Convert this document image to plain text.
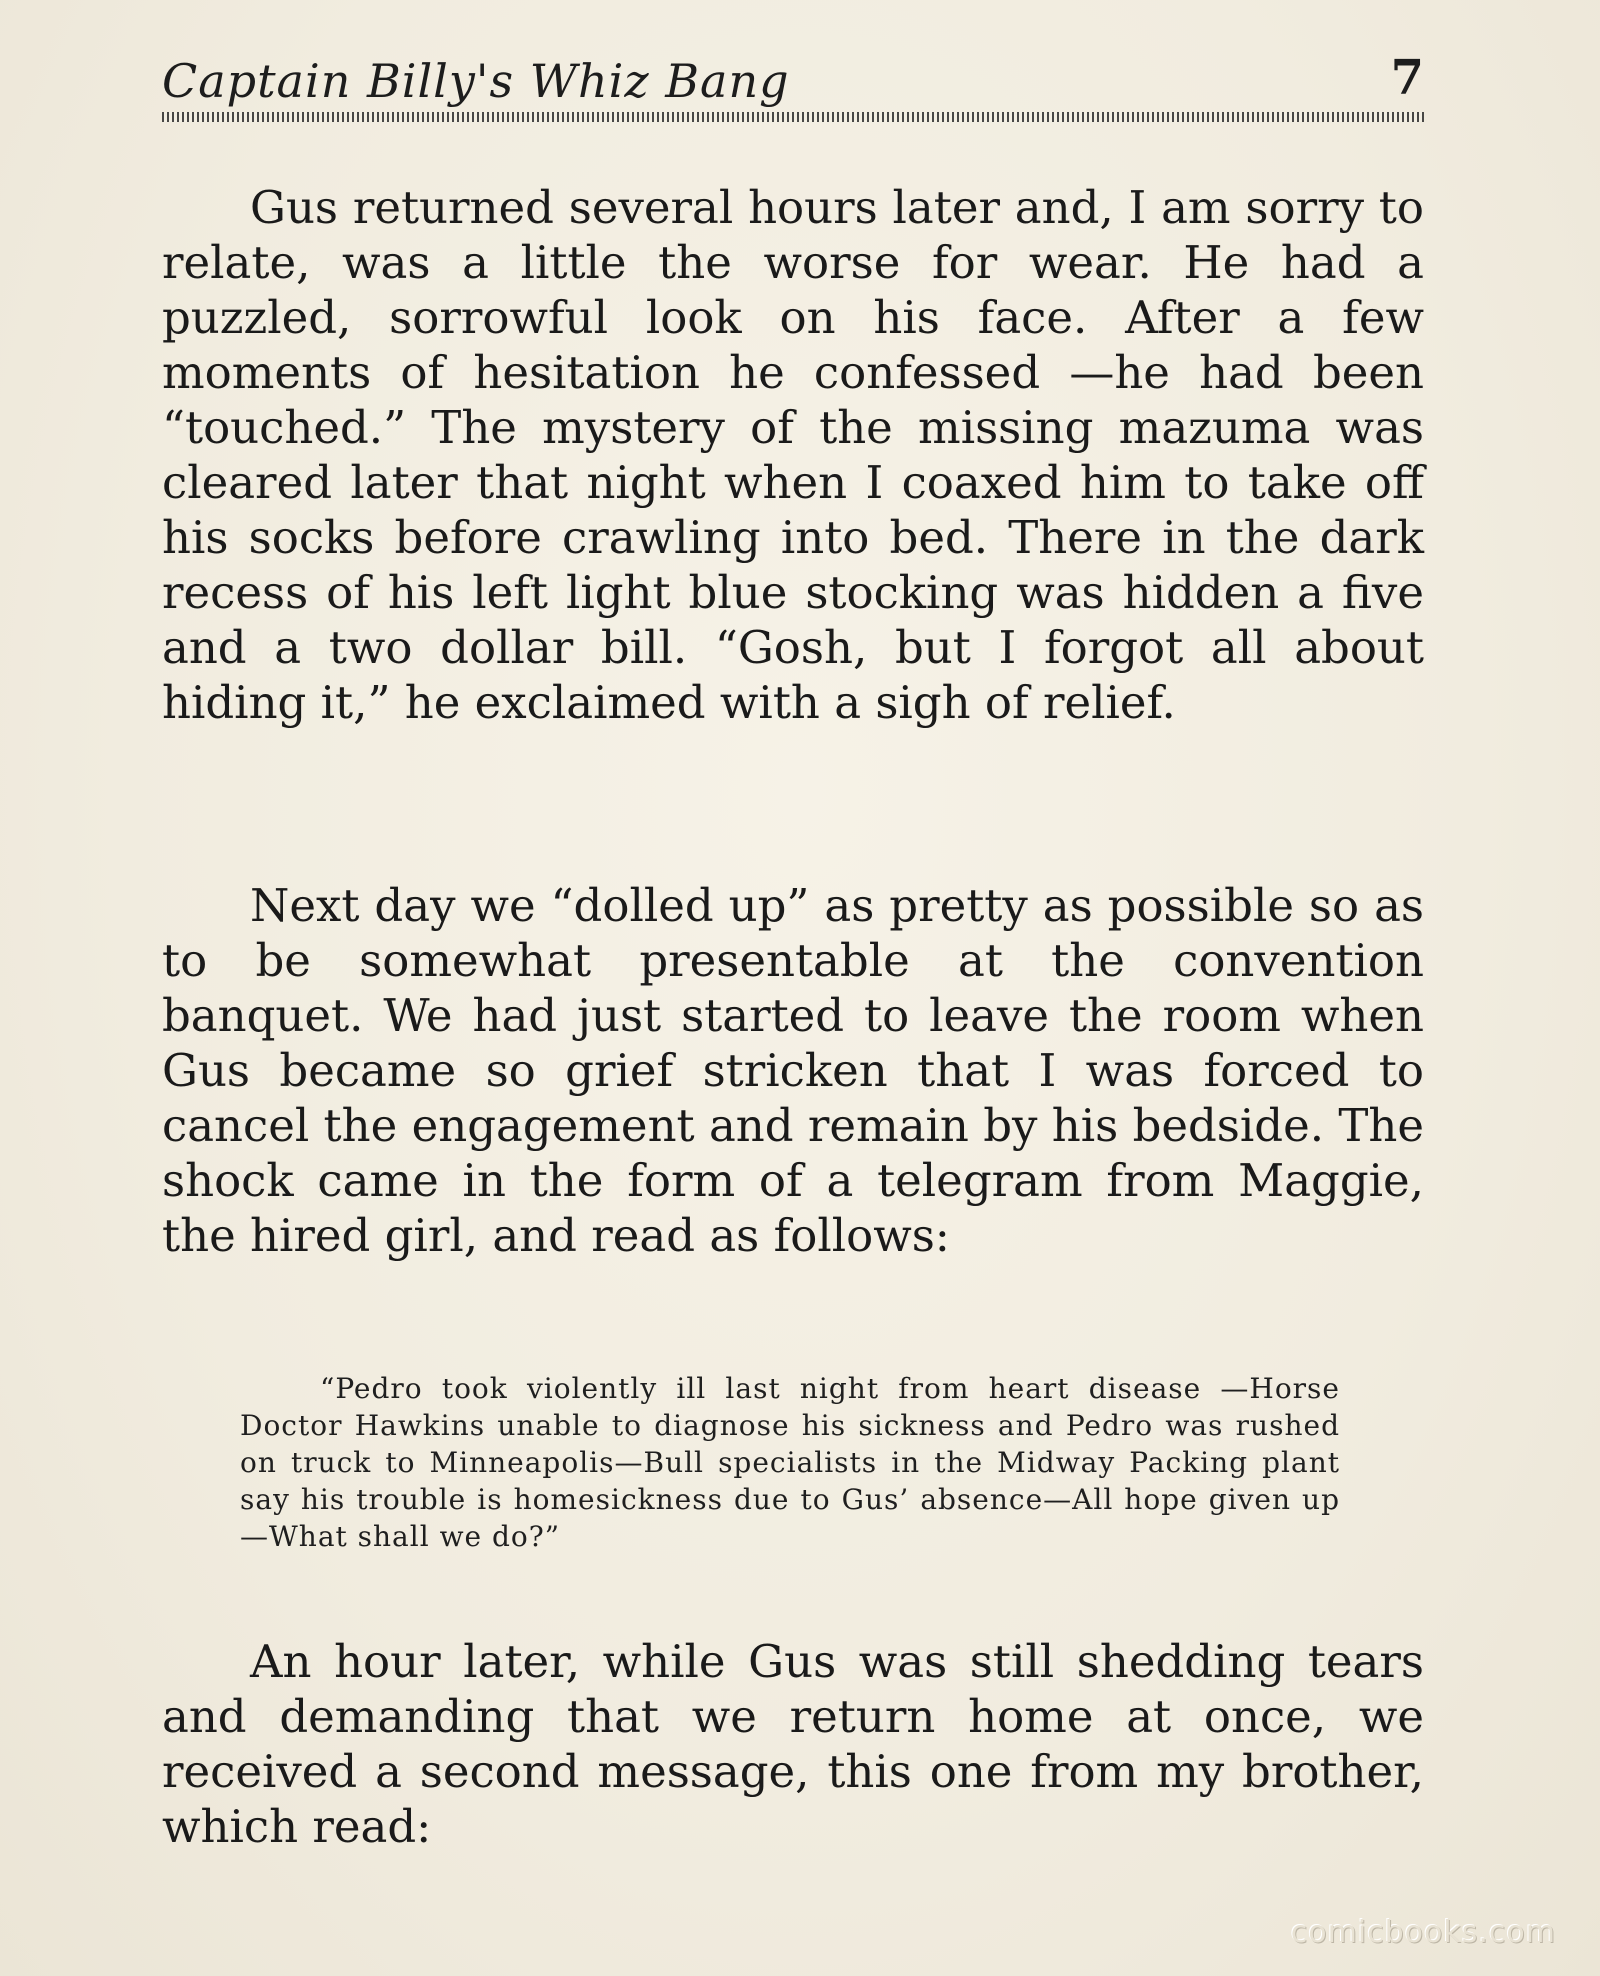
Captain Billy's Whiz Bang	7

Gus returned several hours later and, I am sorry to relate, was a little the worse for wear. He had a puzzled, sorrowful look on his face. After a few moments of hesitation he confessed —he had been “touched.” The mystery of the missing mazuma was cleared later that night when I coaxed him to take off his socks before crawling into bed. There in the dark recess of his left light blue stocking was hidden a five and a two dollar bill. “Gosh, but I forgot all about hiding it,” he exclaimed with a sigh of relief.

Next day we “dolled up” as pretty as possible so as to be somewhat presentable at the convention banquet. We had just started to leave the room when Gus became so grief stricken that I was forced to cancel the engagement and remain by his bedside. The shock came in the form of a telegram from Maggie, the hired girl, and read as follows:

“Pedro took violently ill last night from heart disease —Horse Doctor Hawkins unable to diagnose his sickness and Pedro was rushed on truck to Minneapolis—Bull specialists in the Midway Packing plant say his trouble is homesickness due to Gus’ absence—All hope given up—What shall we do?”

An hour later, while Gus was still shedding tears and demanding that we return home at once, we received a second message, this one from my brother, which read:

comicbooks.com
